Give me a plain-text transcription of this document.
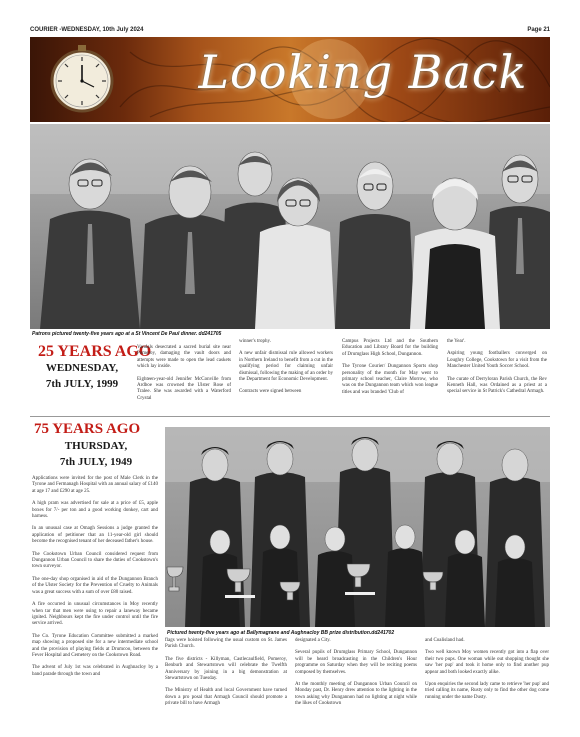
COURIER -WEDNESDAY, 10th July 2024	Page 21
Looking Back
Patrons pictured twenty-five years ago at a St Vincent De Paul dinner. dd241705
25 YEARS AGO
WEDNESDAY,
7th JULY, 1999

Vandals desecrated a sacred burial site near Pomeroy, damaging the vault doors and attempts were made to open the lead caskets which lay inside.

Eighteen-year-old Jennifer McConville from Ardboe was crowned the Ulster Rose of Tralee. She was awarded with a Waterford Crystal

winner's trophy.

A new unfair dismissal rule allowed workers in Northern Ireland to benefit from a cut in the qualifying period for claiming unfair dismissal, following the making of an order by the Department for Economic Development.

Contracts were signed between

Campus Projects Ltd and the Southern Education and Library Board for the building of Drumglass High School, Dungannon.

The Tyrone Courier/ Dungannon Sports shop personality of the month for May went to primary school teacher, Claire Morrow, who was on the Dungannon team which won league titles and was branded 'Club of

the Year'.

Aspiring young footballers converged on Loughry College, Cookstown for a visit from the Manchester United Youth Soccer School.

The curate of Derryloran Parish Church, the Rev Kenneth Hall, was Ordained as a priest at a special service in St Patrick's Cathedral Armagh.

75 YEARS AGO
THURSDAY,
7th JULY, 1949

Applications were invited for the post of Male Clerk in the Tyrone and Fermanagh Hospital with an annual salary of £140 at age 17 and £290 at age 25.

A high pram was advertised for sale at a price of £5, apple boxes for 7/- per ton and a good working donkey, cart and harness.

In an unusual case at Omagh Sessions a judge granted the application of petitioner that an 11-year-old girl should become the recognised tenant of her deceased father's house.

The Cookstown Urban Council considered request from Dungannon Urban Council to share the duties of Cookstown's town surveyor.

The one-day shop organised in aid of the Dungannon Branch of the Ulster Society for the Prevention of Cruelty to Animals was a great success with a sum of over £80 raised.

A fire occurred in unusual circumstances in Moy recently when tar that men were using to repair a laneway became ignited. Neighbours kept the fire under control until the fire service arrived.

The Co. Tyrone Education Committee submitted a marked map showing a proposed site for a new intermediate school and the provision of playing fields at Drumcoo, between the Fever Hospital and Cemetery on the Cookstown Road.

The advent of July 1st was celebrated in Aughnacloy by a band parade through the town and

Pictured twenty-five years ago at Ballymagrane and Aughnacloy BB prize distribution.dd241702

flags were hoisted following the usual custom on St. James Parish Church.

The five districts - Killyman, Castlecaulfield, Pomeroy, Benburb and Stewartstown will celebrate the Twelfth Anniversary by joining in a big demonstration at Stewartstown on Tuesday.

The Ministry of Health and local Government have turned down a pro posal that Armagh Council should promote a private bill to have Armagh

designated a City.

Several pupils of Drumglass Primary School, Dungannon will be heard broadcasting in the Children's Hour programme on Saturday when they will be reciting poems composed by themselves.

At the monthly meeting of Dungannon Urban Council on Monday past, Dr. Henry drew attention to the lighting in the town asking why Dungannon had no lighting at night while the likes of Cookstown

and Coalisland had.

Two well known Moy women recently got into a flap over their two pups. One woman while out shopping thought she saw 'her pup' and took it home only to find another pup appear and both looked exactly alike.

Upon enquiries the second lady came to retrieve 'her pup' and tried calling its name, Rusty only to find the other dog come running under the name Dusty.
